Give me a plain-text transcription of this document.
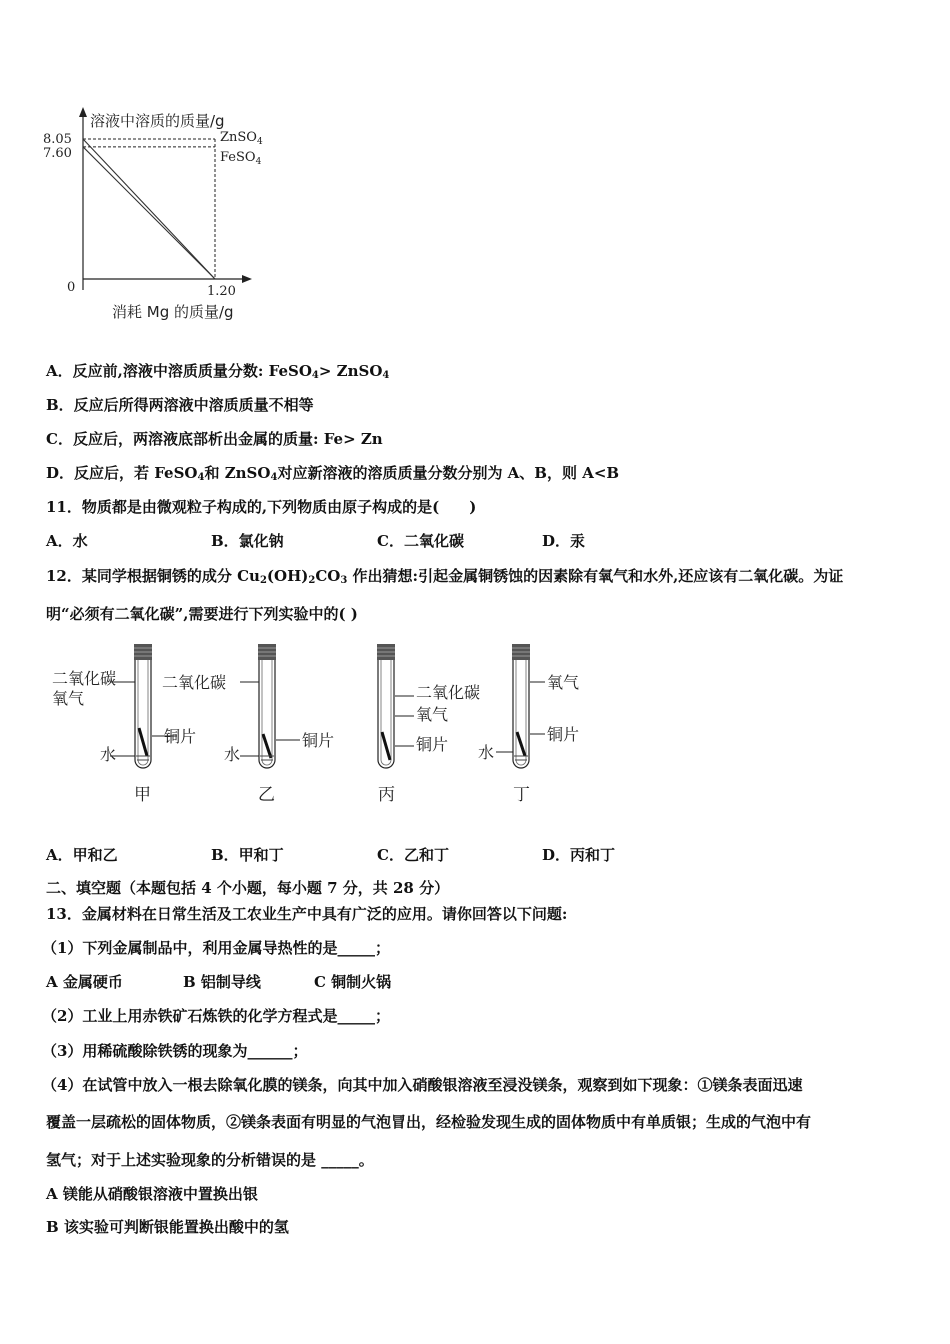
溶液中溶质的质量/g
8.05
7.60
0	1.20
消耗 Mg 的质量/g
ZnSO$_4$
FeSO$_4$
A．反应前,溶液中溶质质量分数: FeSO$_4$> ZnSO$_4$
B．反应后所得两溶液中溶质质量不相等
C．反应后，两溶液底部析出金属的质量: Fe> Zn
D．反应后，若 FeSO$_4$和 ZnSO$_4$对应新溶液的溶质质量分数分别为 A、B，则 A<B
11．物质都是由微观粒子构成的,下列物质由原子构成的是(　　)
A．水	B．氯化钠	C．二氧化碳	D．汞
12．某同学根据铜锈的成分 $Cu_2(OH)_2CO_3$ 作出猜想:引起金属铜锈蚀的因素除有氧气和水外,还应该有二氧化碳。为证
明“必须有二氧化碳”,需要进行下列实验中的( )
二氧化碳
氧气
水
铜片
甲
二氧化碳
水
铜片
乙
二氧化碳
氧气
铜片
丙
氧气
铜片
水
丁
A．甲和乙	B．甲和丁	C．乙和丁	D．丙和丁
二、填空题（本题包括 4 个小题，每小题 7 分，共 28 分）
13．金属材料在日常生活及工农业生产中具有广泛的应用。请你回答以下问题:
（1）下列金属制品中，利用金属导热性的是_____；
A 金属硬币	B 铝制导线	C 铜制火锅
（2）工业上用赤铁矿石炼铁的化学方程式是_____；
（3）用稀硫酸除铁锈的现象为______；
（4）在试管中放入一根去除氧化膜的镁条，向其中加入硝酸银溶液至浸没镁条，观察到如下现象：①镁条表面迅速
覆盖一层疏松的固体物质，②镁条表面有明显的气泡冒出，经检验发现生成的固体物质中有单质银；生成的气泡中有
氢气；对于上述实验现象的分析错误的是 _____。
A 镁能从硝酸银溶液中置换出银
B 该实验可判断银能置换出酸中的氢
